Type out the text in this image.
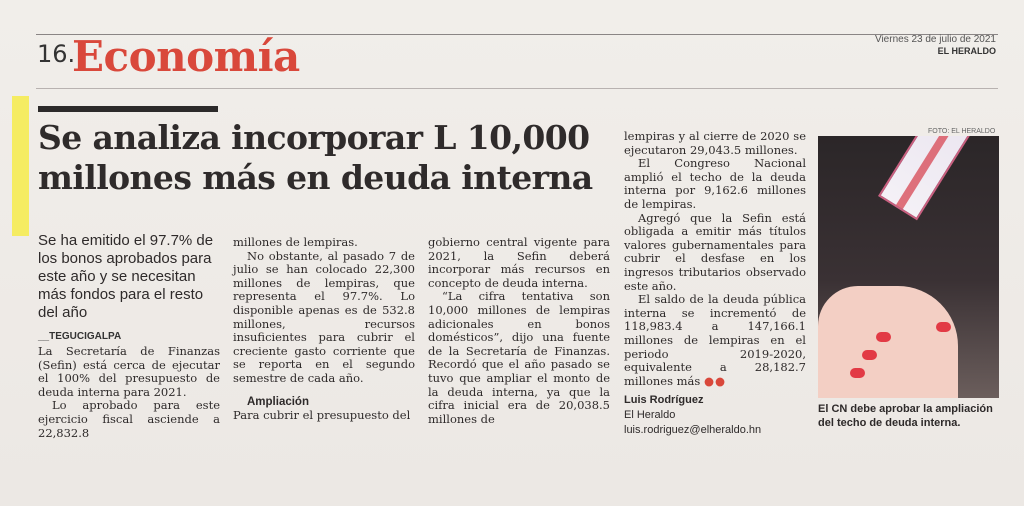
16.
Economía	Viernes 23 de julio de 2021
EL HERALDO
Se analiza incorporar L 10,000
millones más en deuda interna
Se ha emitido el 97.7% de los bonos aprobados para este año y se necesitan más fondos para el resto del año
__TEGUCIGALPA

La Secretaría de Finanzas (Sefin) está cerca de ejecutar el 100% del presupuesto de deuda interna para 2021.

Lo aprobado para este ejercicio fiscal asciende a 22,832.8

millones de lempiras.

No obstante, al pasado 7 de julio se han colocado 22,300 millones de lempiras, que representa el 97.7%. Lo disponible apenas es de 532.8 millones, recursos insuficientes para cubrir el creciente gasto corriente que se reporta en el segundo semestre de cada año.

Ampliación

Para cubrir el presupuesto del

gobierno central vigente para 2021, la Sefin deberá incorporar más recursos en concepto de deuda interna.

“La cifra tentativa son 10,000 millones de lempiras adicionales en bonos domésticos”, dijo una fuente de la Secretaría de Finanzas. Recordó que el año pasado se tuvo que ampliar el monto de la deuda interna, ya que la cifra inicial era de 20,038.5 millones de

lempiras y al cierre de 2020 se ejecutaron 29,043.5 millones.

El Congreso Nacional amplió el techo de la deuda interna por 9,162.6 millones de lempiras.

Agregó que la Sefin está obligada a emitir más títulos valores gubernamentales para cubrir el desfase en los ingresos tributarios observado este año.

El saldo de la deuda pública interna se incrementó de 118,983.4 a 147,166.1 millones de lempiras en el periodo 2019-2020, equivalente a 28,182.7 millones más ●●

Luis Rodríguez
El Heraldo
luis.rodriguez@elheraldo.hn
FOTO: EL HERALDO
El CN debe aprobar la ampliación del techo de deuda interna.
